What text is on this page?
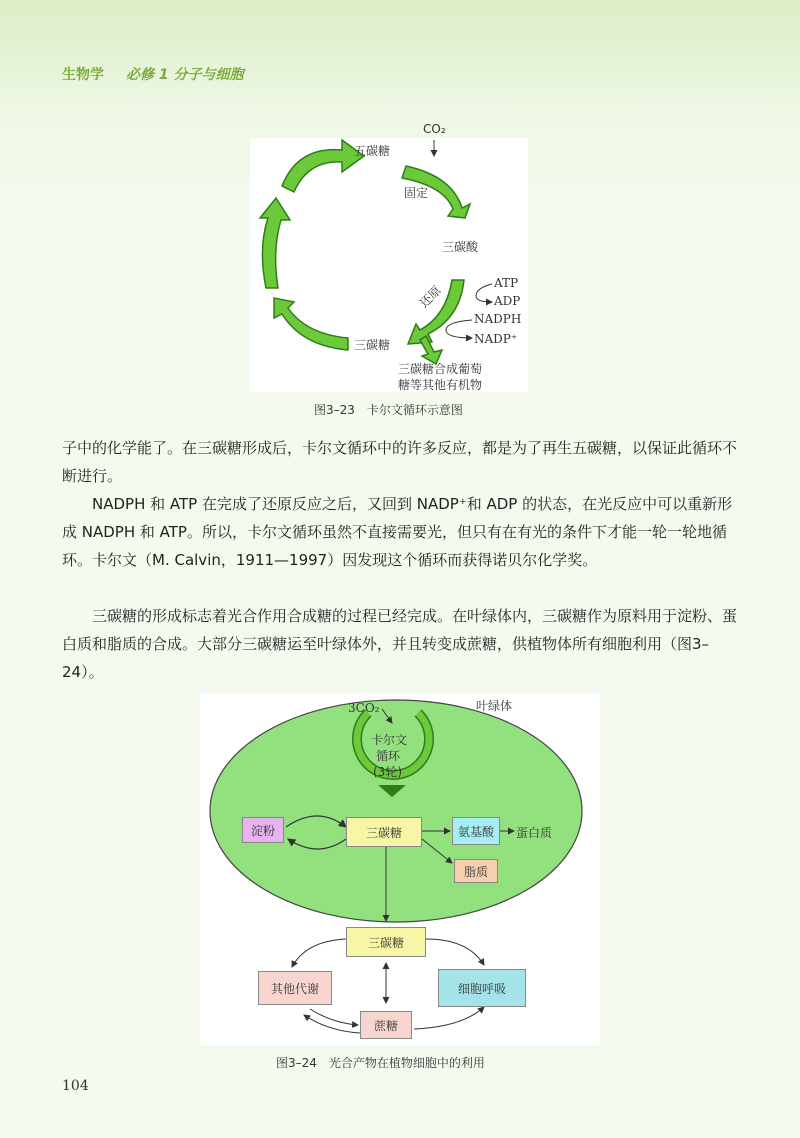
生物学 必修 1 分子与细胞
CO₂
五碳糖
固定
三碳酸
还原
ATP
ADP
NADPH
NADP⁺
三碳糖
三碳糖合成葡萄
糖等其他有机物
图3–23　卡尔文循环示意图

子中的化学能了。在三碳糖形成后，卡尔文循环中的许多反应，都是为了再生五碳糖，以保证此循环不断进行。

NADPH 和 ATP 在完成了还原反应之后，又回到 NADP⁺和 ADP 的状态，在光反应中可以重新形成 NADPH 和 ATP。所以，卡尔文循环虽然不直接需要光，但只有在有光的条件下才能一轮一轮地循环。卡尔文（M. Calvin，1911—1997）因发现这个循环而获得诺贝尔化学奖。

三碳糖的形成标志着光合作用合成糖的过程已经完成。在叶绿体内，三碳糖作为原料用于淀粉、蛋白质和脂质的合成。大部分三碳糖运至叶绿体外，并且转变成蔗糖，供植物体所有细胞利用（图3–24）。

叶绿体
3CO₂
卡尔文
循环
(3轮)
淀粉	三碳糖	氨基酸	蛋白质
脂质
三碳糖
其他代谢	细胞呼吸
蔗糖
图3–24　光合产物在植物细胞中的利用
104
